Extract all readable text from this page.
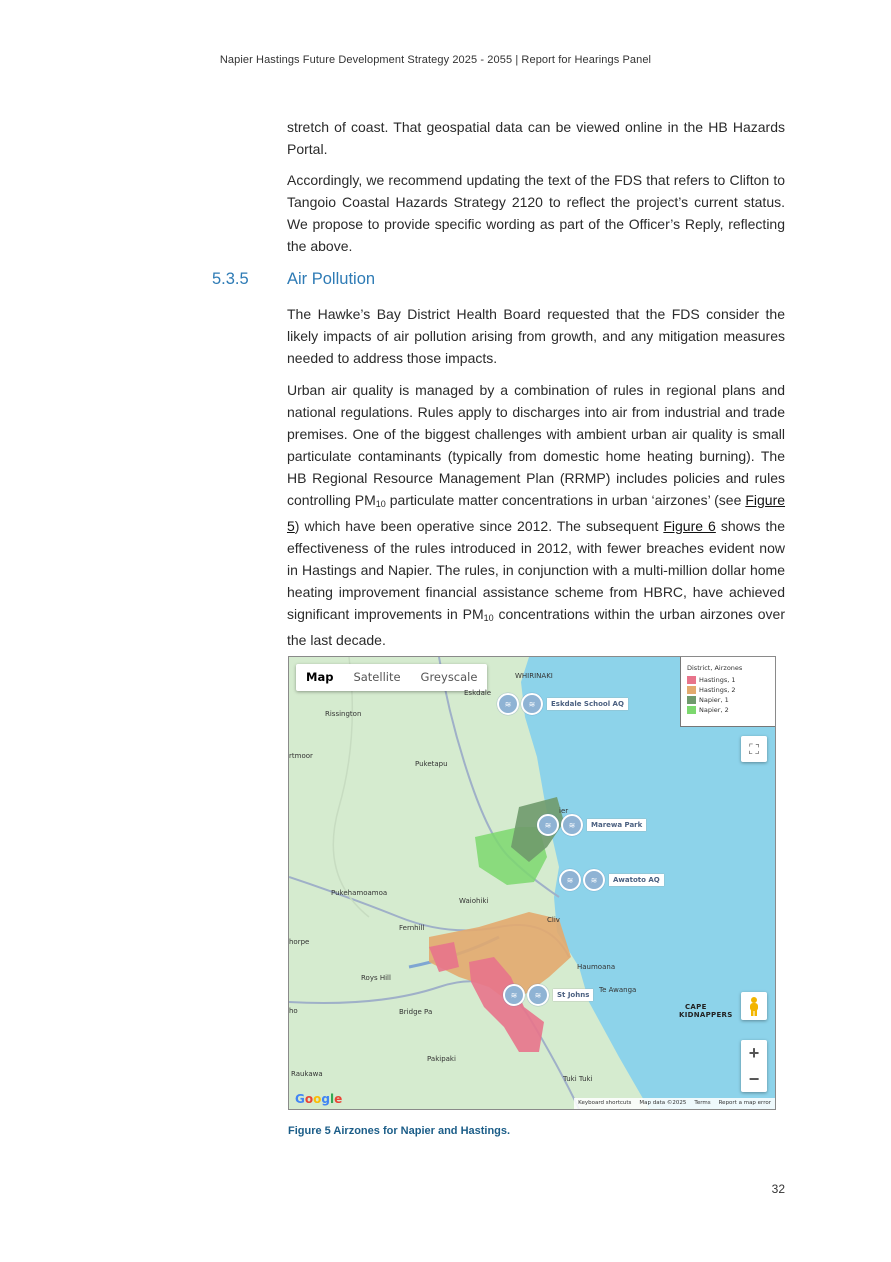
Napier Hastings Future Development Strategy 2025 - 2055 | Report for Hearings Panel

stretch of coast. That geospatial data can be viewed online in the HB Hazards Portal.

Accordingly, we recommend updating the text of the FDS that refers to Clifton to Tangoio Coastal Hazards Strategy 2120 to reflect the project’s current status. We propose to provide specific wording as part of the Officer’s Reply, reflecting the above.

5.3.5 Air Pollution

The Hawke’s Bay District Health Board requested that the FDS consider the likely impacts of air pollution arising from growth, and any mitigation measures needed to address those impacts.

Urban air quality is managed by a combination of rules in regional plans and national regulations. Rules apply to discharges into air from industrial and trade premises. One of the biggest challenges with ambient urban air quality is small particulate contaminants (typically from domestic home heating burning). The HB Regional Resource Management Plan (RRMP) includes policies and rules controlling $PM_{10}$ particulate matter concentrations in urban ‘airzones’ (see Figure 5) which have been operative since 2012. The subsequent Figure 6 shows the effectiveness of the rules introduced in 2012, with fewer breaches evident now in Hastings and Napier. The rules, in conjunction with a multi-million dollar home heating improvement financial assistance scheme from HBRC, have achieved significant improvements in $PM_{10}$ concentrations within the urban airzones over the last decade.

Map	Satellite	Greyscale
District, Airzones
Hastings, 1
Hastings, 2
Napier, 1
Napier, 2
⛶
+
−
≋	≋	Eskdale School AQ
≋	≋	Marewa Park
≋	≋	Awatoto AQ
≋	≋	St Johns
Eskdale
WHIRINAKI
Rissington
rtmoor
Puketapu
ier
Pukehamoamoa
Waiohiki
Fernhill
Cliv
horpe
Roys Hill
Haumoana
Te Awanga
CAPE
KIDNAPPERS
ho	Bridge Pa
Pakipaki
Raukawa
Tuki Tuki
Google	Keyboard shortcuts Map data ©2025 Terms Report a map error
Figure 5 Airzones for Napier and Hastings.
32
